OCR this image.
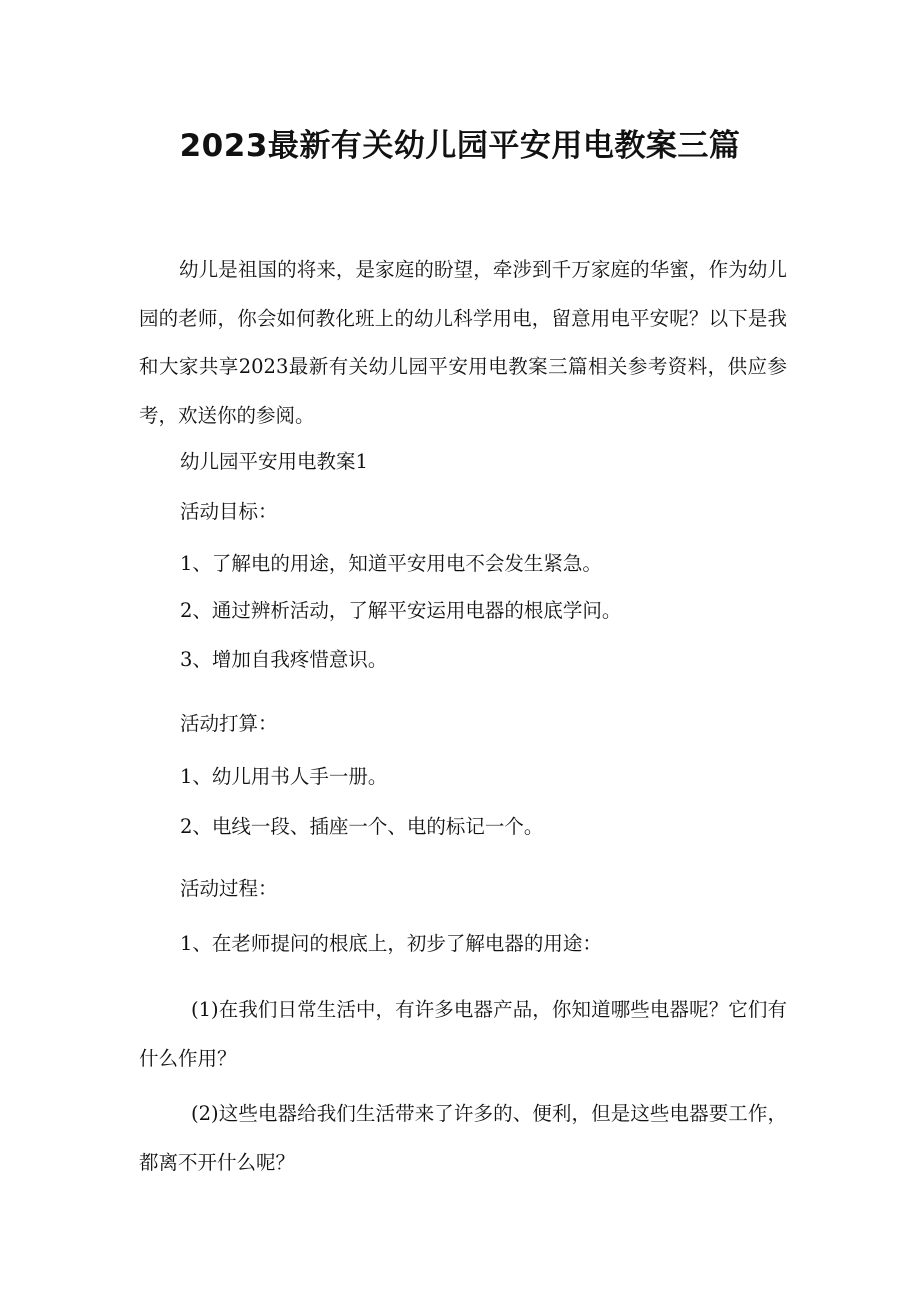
2023最新有关幼儿园平安用电教案三篇

幼儿是祖国的将来，是家庭的盼望，牵涉到千万家庭的华蜜，作为幼儿园的老师，你会如何教化班上的幼儿科学用电，留意用电平安呢？以下是我和大家共享2023最新有关幼儿园平安用电教案三篇相关参考资料，供应参考，欢送你的参阅。

幼儿园平安用电教案1

活动目标：

1、了解电的用途，知道平安用电不会发生紧急。

2、通过辨析活动，了解平安运用电器的根底学问。

3、增加自我疼惜意识。

活动打算：

1、幼儿用书人手一册。

2、电线一段、插座一个、电的标记一个。

活动过程：

1、在老师提问的根底上，初步了解电器的用途：

(1)在我们日常生活中，有许多电器产品，你知道哪些电器呢？它们有什么作用？

(2)这些电器给我们生活带来了许多的、便利，但是这些电器要工作，都离不开什么呢？
